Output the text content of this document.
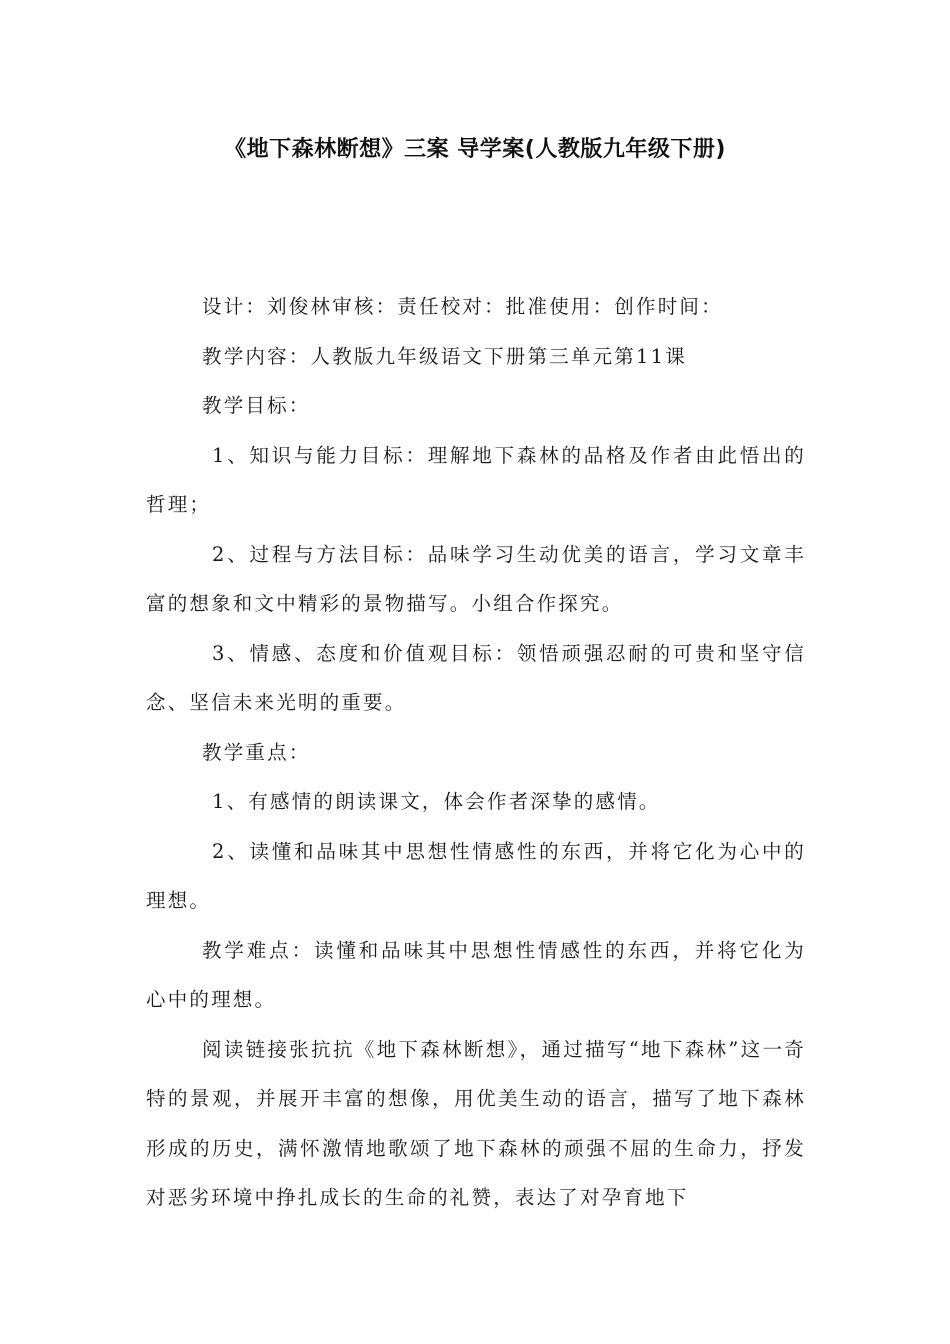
《地下森林断想》三案 导学案(人教版九年级下册)

设计：刘俊林审核：责任校对：批准使用：创作时间：

教学内容：人教版九年级语文下册第三单元第11课

教学目标：

1、知识与能力目标：理解地下森林的品格及作者由此悟出的哲理；

2、过程与方法目标：品味学习生动优美的语言，学习文章丰富的想象和文中精彩的景物描写。小组合作探究。

3、情感、态度和价值观目标：领悟顽强忍耐的可贵和坚守信念、坚信未来光明的重要。

教学重点：

1、有感情的朗读课文，体会作者深挚的感情。

2、读懂和品味其中思想性情感性的东西，并将它化为心中的理想。

教学难点：读懂和品味其中思想性情感性的东西，并将它化为心中的理想。

阅读链接张抗抗《地下森林断想》，通过描写“地下森林”这一奇特的景观，并展开丰富的想像，用优美生动的语言，描写了地下森林形成的历史，满怀激情地歌颂了地下森林的顽强不屈的生命力，抒发对恶劣环境中挣扎成长的生命的礼赞，表达了对孕育地下
